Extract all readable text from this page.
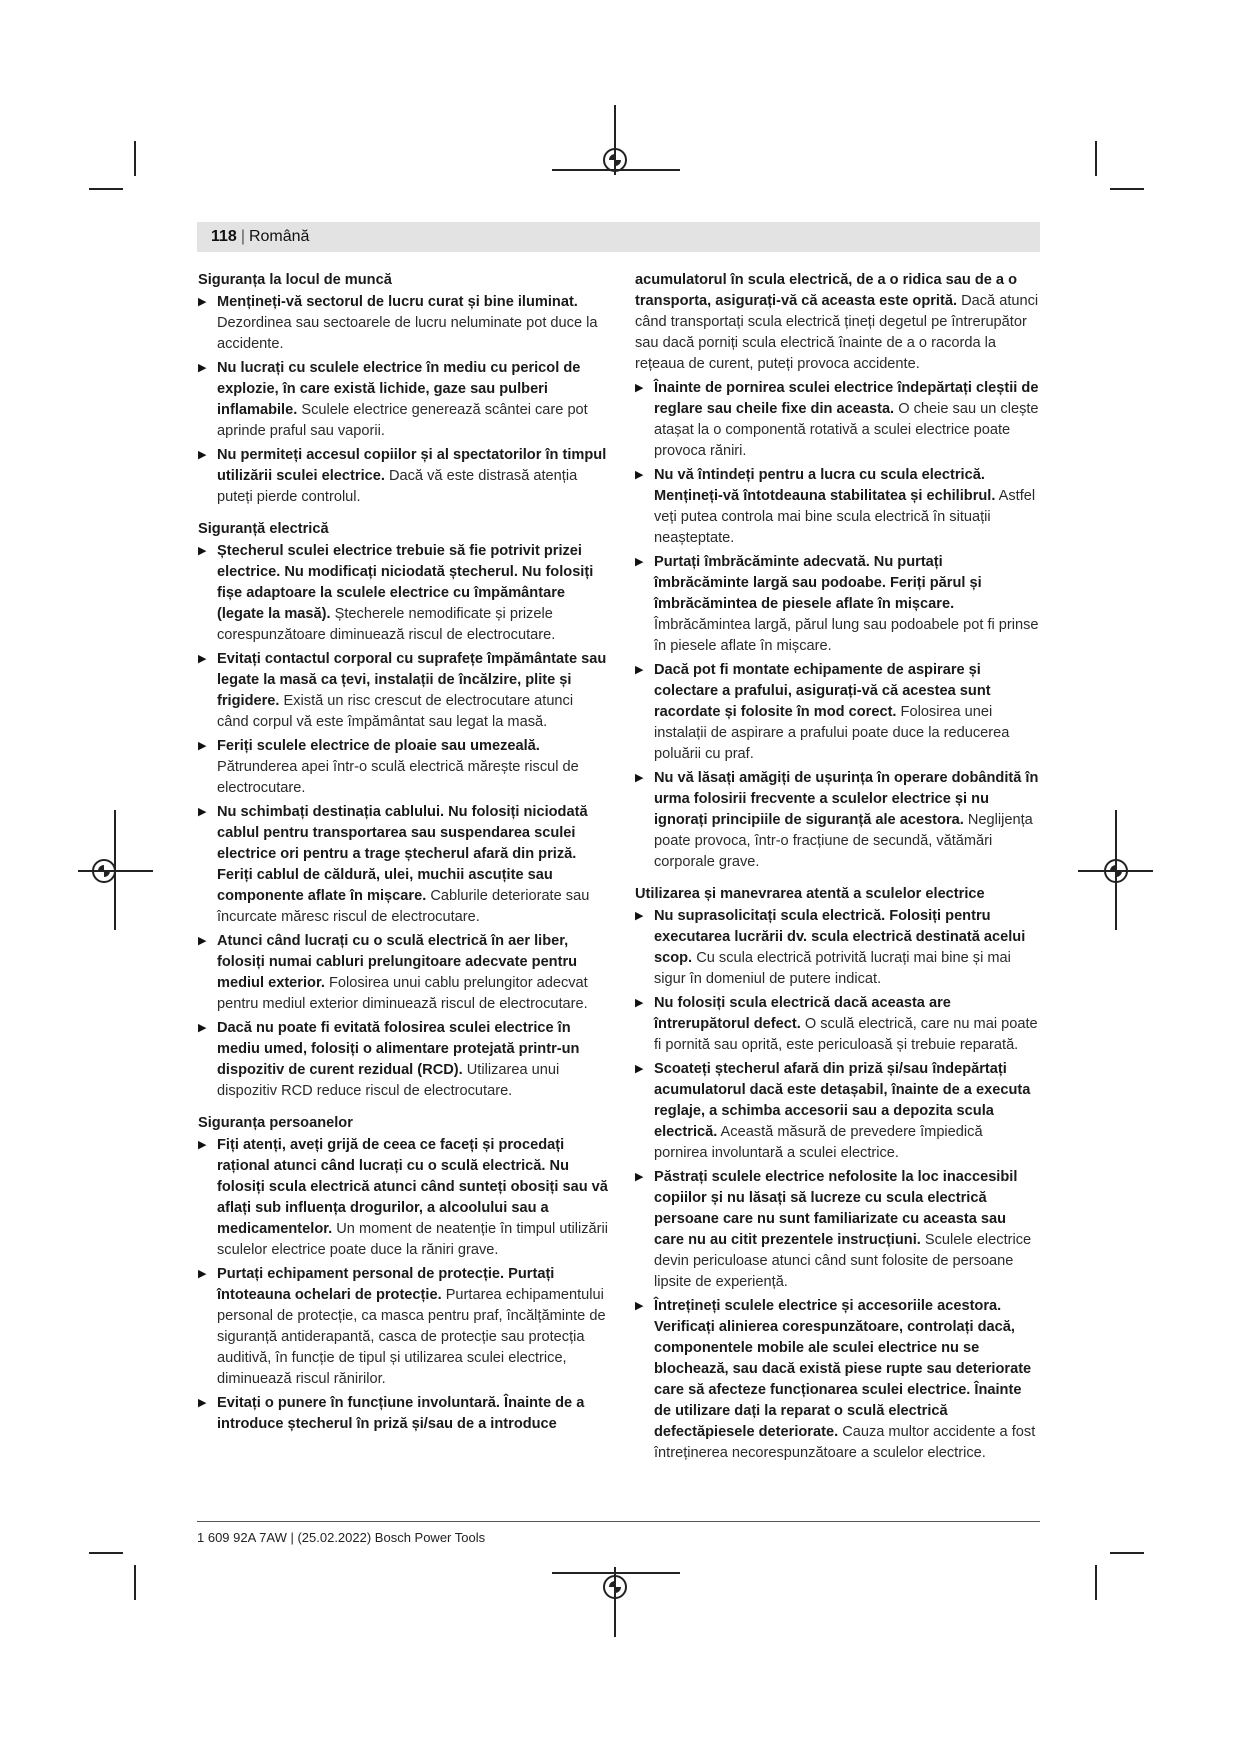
118 | Română
Siguranța la locul de muncă
▶ Mențineți-vă sectorul de lucru curat și bine iluminat. Dezordinea sau sectoarele de lucru neluminate pot duce la accidente.
▶ Nu lucrați cu sculele electrice în mediu cu pericol de explozie, în care există lichide, gaze sau pulberi inflamabile. Sculele electrice generează scântei care pot aprinde praful sau vaporii.
▶ Nu permiteți accesul copiilor și al spectatorilor în timpul utilizării sculei electrice. Dacă vă este distrasă atenția puteți pierde controlul.
Siguranță electrică
▶ Ștecherul sculei electrice trebuie să fie potrivit prizei electrice. Nu modificați niciodată ștecherul. Nu folosiți fișe adaptoare la sculele electrice cu împământare (legate la masă). Ștecherele nemodificate și prizele corespunzătoare diminuează riscul de electrocutare.
▶ Evitați contactul corporal cu suprafețe împământate sau legate la masă ca țevi, instalații de încălzire, plite și frigidere. Există un risc crescut de electrocutare atunci când corpul vă este împământat sau legat la masă.
▶ Feriți sculele electrice de ploaie sau umezeală. Pătrunderea apei într-o sculă electrică mărește riscul de electrocutare.
▶ Nu schimbați destinația cablului. Nu folosiți niciodată cablul pentru transportarea sau suspendarea sculei electrice ori pentru a trage ștecherul afară din priză. Feriți cablul de căldură, ulei, muchii ascuțite sau componente aflate în mișcare. Cablurile deteriorate sau încurcate măresc riscul de electrocutare.
▶ Atunci când lucrați cu o sculă electrică în aer liber, folosiți numai cabluri prelungitoare adecvate pentru mediul exterior. Folosirea unui cablu prelungitor adecvat pentru mediul exterior diminuează riscul de electrocutare.
▶ Dacă nu poate fi evitată folosirea sculei electrice în mediu umed, folosiți o alimentare protejată printr-un dispozitiv de curent rezidual (RCD). Utilizarea unui dispozitiv RCD reduce riscul de electrocutare.
Siguranța persoanelor
▶ Fiți atenți, aveți grijă de ceea ce faceți și procedați rațional atunci când lucrați cu o sculă electrică. Nu folosiți scula electrică atunci când sunteți obosiți sau vă aflați sub influența drogurilor, a alcoolului sau a medicamentelor. Un moment de neatenție în timpul utilizării sculelor electrice poate duce la răniri grave.
▶ Purtați echipament personal de protecție. Purtați întoteauna ochelari de protecție. Purtarea echipamentului personal de protecție, ca masca pentru praf, încălțăminte de siguranță antiderapantă, casca de protecție sau protecția auditivă, în funcție de tipul și utilizarea sculei electrice, diminuează riscul rănirilor.
▶ Evitați o punere în funcțiune involuntară. Înainte de a introduce ștecherul în priză și/sau de a introduce
acumulatorul în scula electrică, de a o ridica sau de a o transporta, asigurați-vă că aceasta este oprită. Dacă atunci când transportați scula electrică țineți degetul pe întrerupător sau dacă porniți scula electrică înainte de a o racorda la rețeaua de curent, puteți provoca accidente.
▶ Înainte de pornirea sculei electrice îndepărtați cleștii de reglare sau cheile fixe din aceasta. O cheie sau un clește atașat la o componentă rotativă a sculei electrice poate provoca răniri.
▶ Nu vă întindeți pentru a lucra cu scula electrică. Mențineți-vă întotdeauna stabilitatea și echilibrul. Astfel veți putea controla mai bine scula electrică în situații neașteptate.
▶ Purtați îmbrăcăminte adecvată. Nu purtați îmbrăcăminte largă sau podoabe. Feriți părul și îmbrăcămintea de piesele aflate în mișcare. Îmbrăcămintea largă, părul lung sau podoabele pot fi prinse în piesele aflate în mișcare.
▶ Dacă pot fi montate echipamente de aspirare și colectare a prafului, asigurați-vă că acestea sunt racordate și folosite în mod corect. Folosirea unei instalații de aspirare a prafului poate duce la reducerea poluării cu praf.
▶ Nu vă lăsați amăgiți de ușurința în operare dobândită în urma folosirii frecvente a sculelor electrice și nu ignorați principiile de siguranță ale acestora. Neglijența poate provoca, într-o fracțiune de secundă, vătămări corporale grave.
Utilizarea și manevrarea atentă a sculelor electrice
▶ Nu suprasolicitați scula electrică. Folosiți pentru executarea lucrării dv. scula electrică destinată acelui scop. Cu scula electrică potrivită lucrați mai bine și mai sigur în domeniul de putere indicat.
▶ Nu folosiți scula electrică dacă aceasta are întrerupătorul defect. O sculă electrică, care nu mai poate fi pornită sau oprită, este periculoasă și trebuie reparată.
▶ Scoateți ștecherul afară din priză și/sau îndepărtați acumulatorul dacă este detașabil, înainte de a executa reglaje, a schimba accesorii sau a depozita scula electrică. Această măsură de prevedere împiedică pornirea involuntară a sculei electrice.
▶ Păstrați sculele electrice nefolosite la loc inaccesibil copiilor și nu lăsați să lucreze cu scula electrică persoane care nu sunt familiarizate cu aceasta sau care nu au citit prezentele instrucțiuni. Sculele electrice devin periculoase atunci când sunt folosite de persoane lipsite de experiență.
▶ Întrețineți sculele electrice și accesoriile acestora. Verificați alinierea corespunzătoare, controlați dacă, componentele mobile ale sculei electrice nu se blochează, sau dacă există piese rupte sau deteriorate care să afecteze funcționarea sculei electrice. Înainte de utilizare dați la reparat o sculă electrică defectăpiesele deteriorate. Cauza multor accidente a fost întreținerea necorespunzătoare a sculelor electrice.
1 609 92A 7AW | (25.02.2022) Bosch Power Tools
